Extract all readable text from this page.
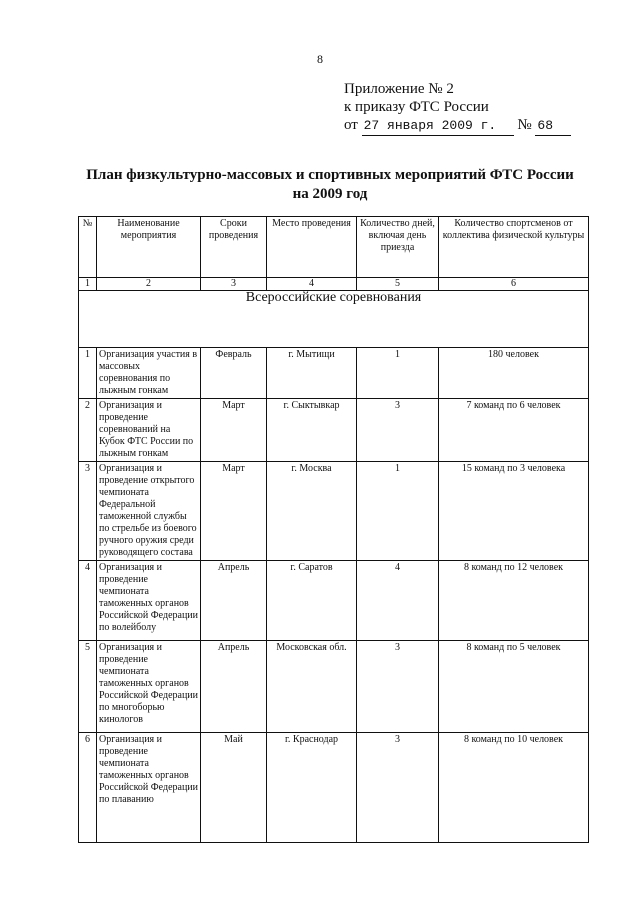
8
Приложение № 2
к приказу ФТС России
от 27 января 2009 г. № 68
План физкультурно-массовых и спортивных мероприятий ФТС России
на 2009 год
№	Наименование мероприятия	Сроки проведения	Место проведения	Количество дней, включая день приезда	Количество спортсменов от коллектива физической культуры
1	2	3	4	5	6
Всероссийские соревнования					
1	Организация участия в массовых соревнования по лыжным гонкам	Февраль	г. Мытищи	1	180 человек
2	Организация и проведение соревнований на Кубок ФТС России по лыжным гонкам	Март	г. Сыктывкар	3	7 команд по 6 человек
3	Организация и проведение открытого чемпионата Федеральной таможенной службы по стрельбе из боевого ручного оружия среди руководящего состава	Март	г. Москва	1	15 команд по 3 человека
4	Организация и проведение чемпионата таможенных органов Российской Федерации по волейболу	Апрель	г. Саратов	4	8 команд по 12 человек
5	Организация и проведение чемпионата таможенных органов Российской Федерации по многоборью кинологов	Апрель	Московская обл.	3	8 команд по 5 человек
6	Организация и проведение чемпионата таможенных органов Российской Федерации по плаванию	Май	г. Краснодар	3	8 команд по 10 человек
